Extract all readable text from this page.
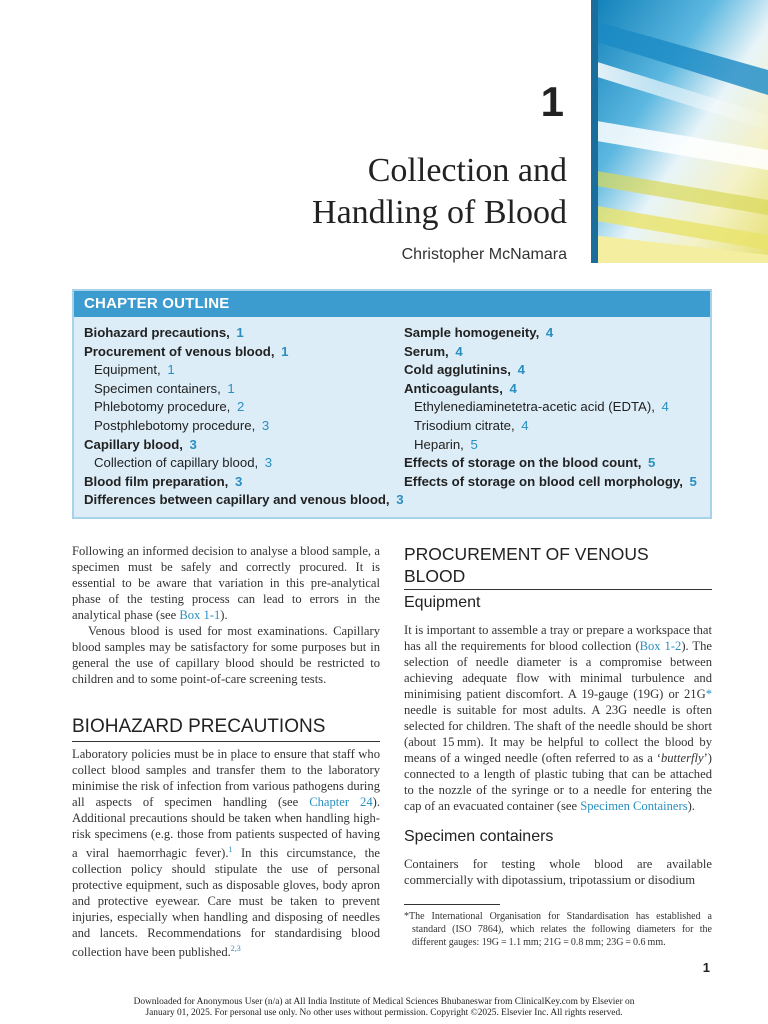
1
Collection and
Handling of Blood
Christopher McNamara
CHAPTER OUTLINE
Biohazard precautions,  1
Procurement of venous blood,  1
Equipment,  1
Specimen containers,  1
Phlebotomy procedure,  2
Postphlebotomy procedure,  3
Capillary blood,  3
Collection of capillary blood,  3
Blood film preparation,  3
Differences between capillary and venous blood,  3
Sample homogeneity,  4
Serum,  4
Cold agglutinins,  4
Anticoagulants,  4
Ethylenediaminetetra-acetic acid (EDTA),  4
Trisodium citrate,  4
Heparin,  5
Effects of storage on the blood count,  5
Effects of storage on blood cell morphology,  5

Following an informed decision to analyse a blood sample, a specimen must be safely and correctly procured. It is essential to be aware that variation in this pre-analytical phase of the testing process can lead to errors in the analytical phase (see Box 1-1).

Venous blood is used for most examinations. Capillary blood samples may be satisfactory for some purposes but in general the use of capillary blood should be restricted to children and to some point-of-care screening tests.

BIOHAZARD PRECAUTIONS

Laboratory policies must be in place to ensure that staff who collect blood samples and transfer them to the laboratory minimise the risk of infection from various pathogens during all aspects of specimen handling (see Chapter 24). Additional precautions should be taken when handling high-risk specimens (e.g. those from patients suspected of having a viral haemorrhagic fever).$^1$ In this circumstance, the collection policy should stipulate the use of personal protective equipment, such as disposable gloves, body apron and protective eyewear. Care must be taken to prevent injuries, especially when handling and disposing of needles and lancets. Recommendations for standardising blood collection have been published.$^{2,3}$

PROCUREMENT OF VENOUS BLOOD
Equipment

It is important to assemble a tray or prepare a workspace that has all the requirements for blood collection (Box 1-2). The selection of needle diameter is a compromise between achieving adequate flow with minimal turbulence and minimising patient discomfort. A 19-gauge (19G) or 21G* needle is suitable for most adults. A 23G needle is often selected for children. The shaft of the needle should be short (about 15 mm). It may be helpful to collect the blood by means of a winged needle (often referred to as a ‘butterfly’) connected to a length of plastic tubing that can be attached to the nozzle of the syringe or to a needle for entering the cap of an evacuated container (see Specimen Containers).

Specimen containers

Containers for testing whole blood are available commercially with dipotassium, tripotassium or disodium

*The International Organisation for Standardisation has established a standard (ISO 7864), which relates the following diameters for the different gauges: 19G = 1.1 mm; 21G = 0.8 mm; 23G = 0.6 mm.
1
Downloaded for Anonymous User (n/a) at All India Institute of Medical Sciences Bhubaneswar from ClinicalKey.com by Elsevier on
January 01, 2025. For personal use only. No other uses without permission. Copyright ©2025. Elsevier Inc. All rights reserved.
